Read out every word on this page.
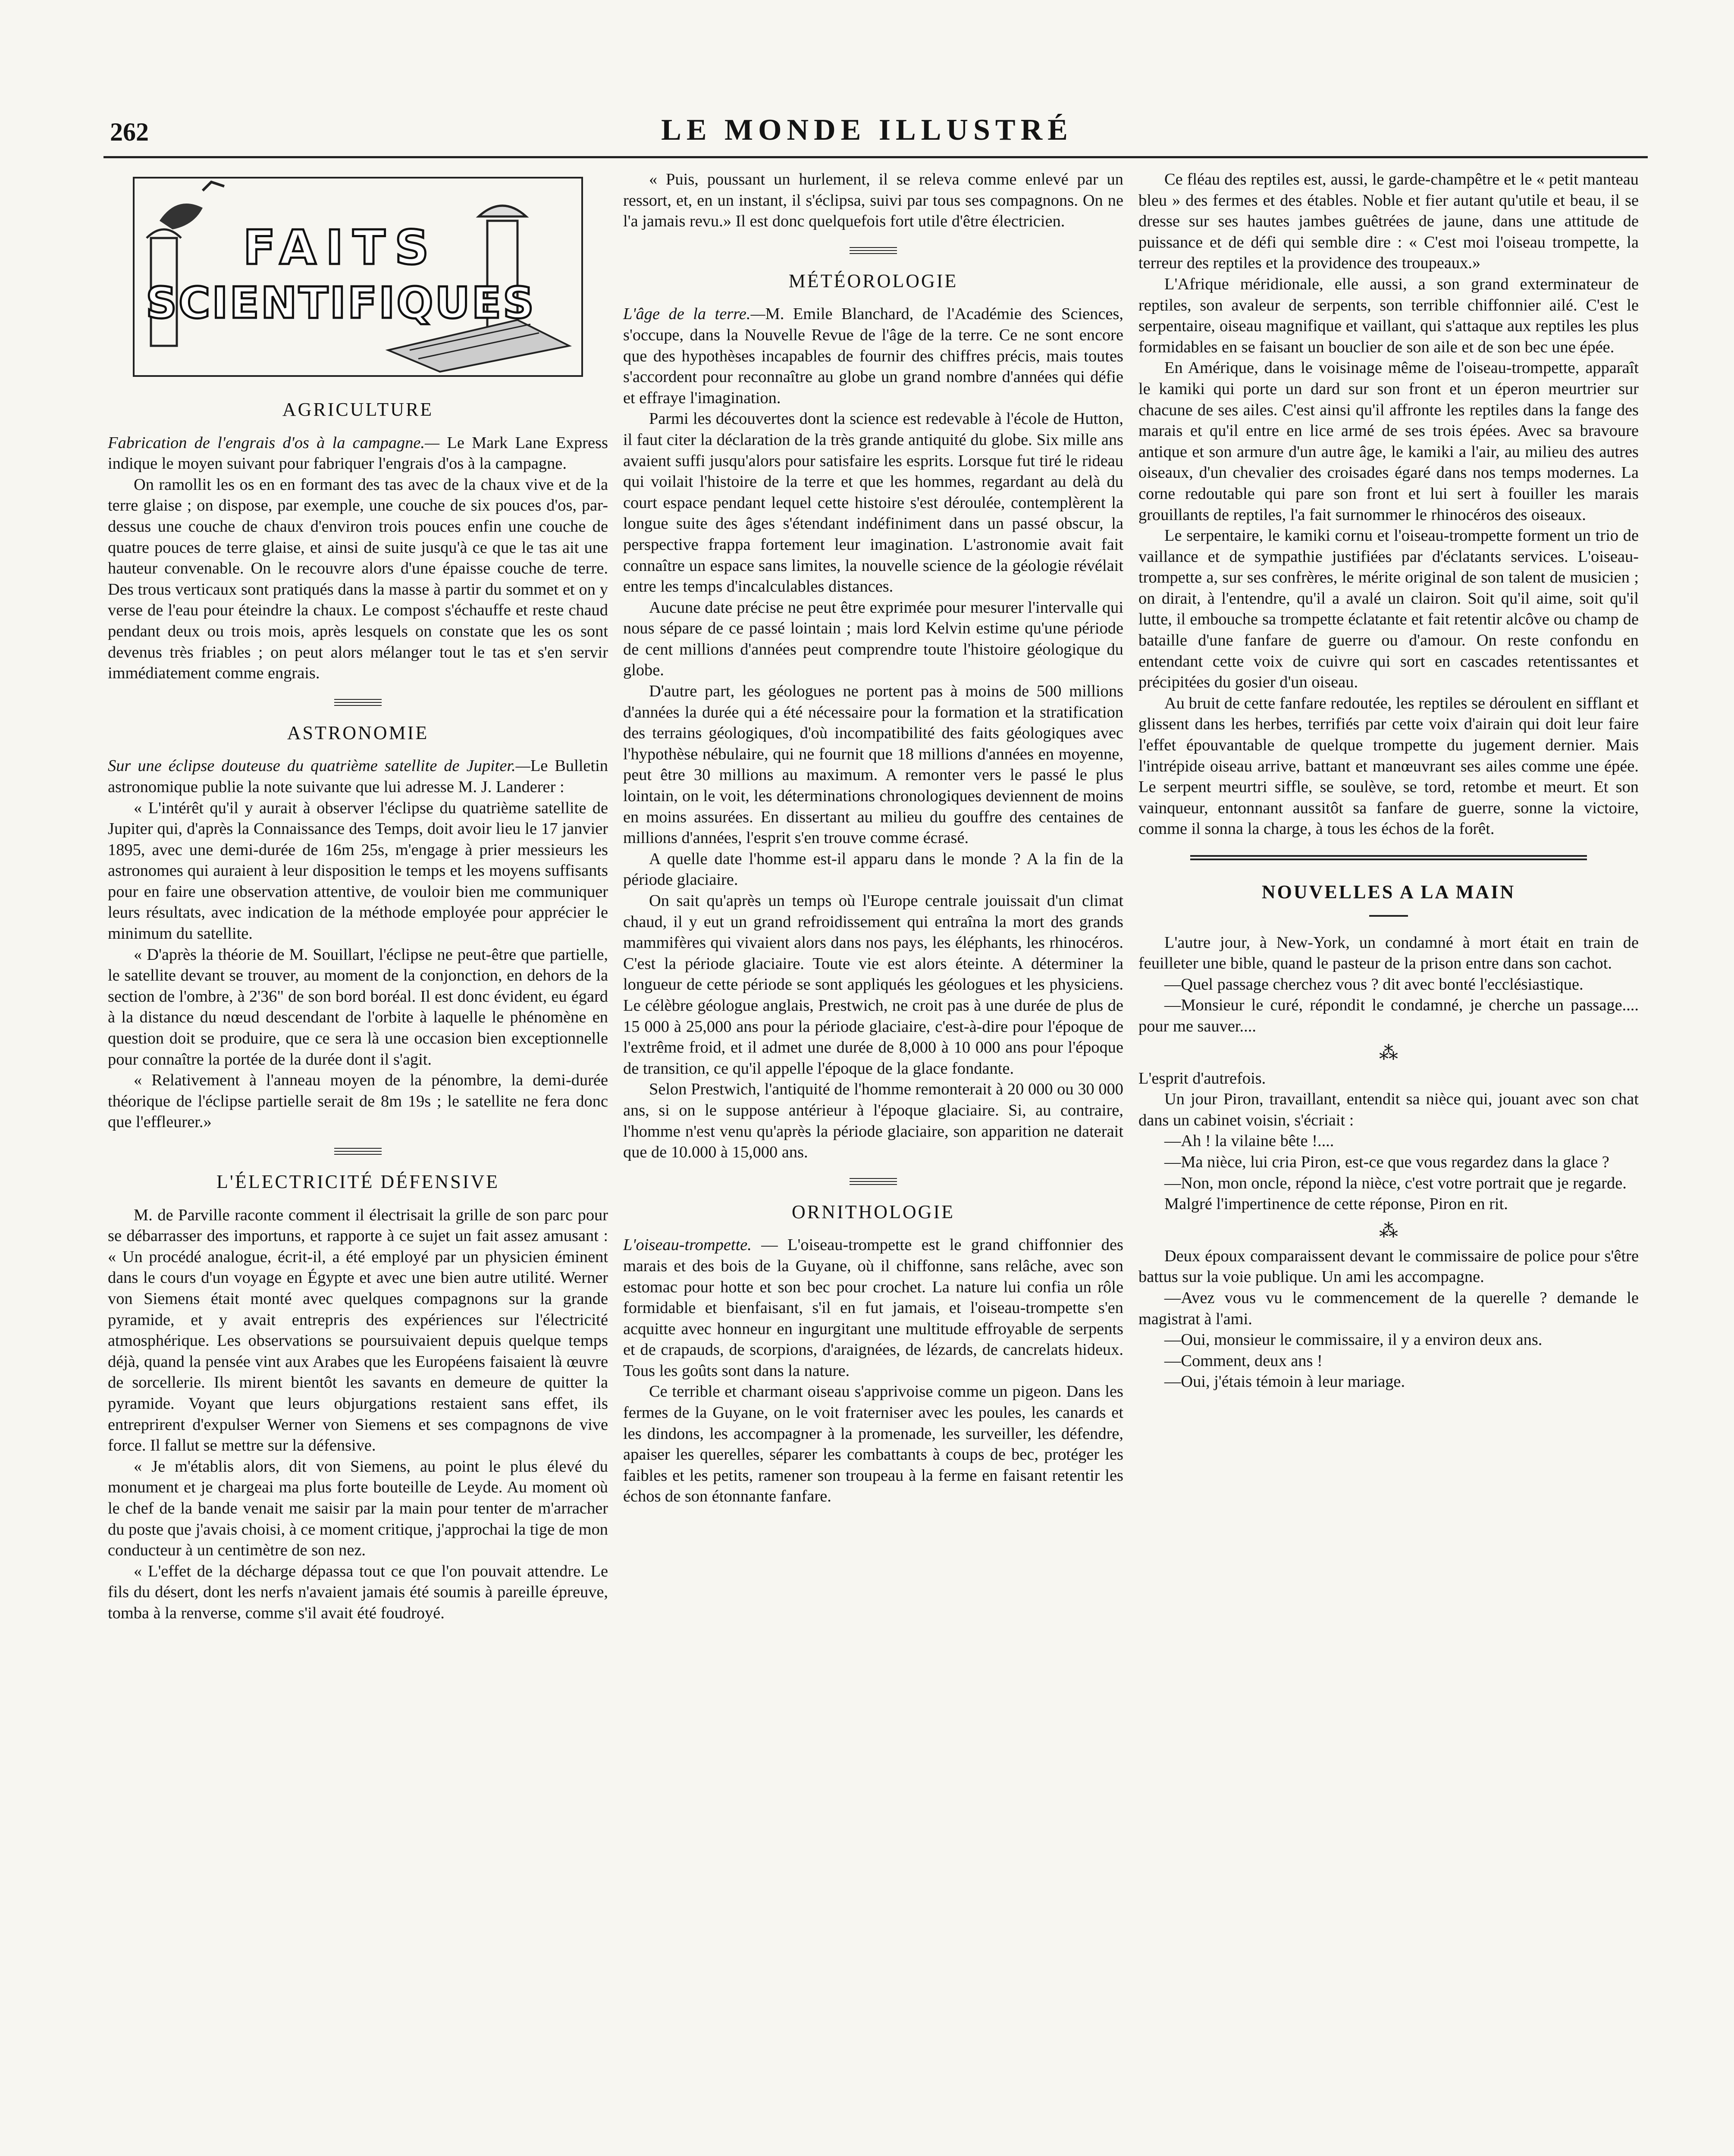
262	LE MONDE ILLUSTRÉ
FAITS
SCIENTIFIQUES
AGRICULTURE

Fabrication de l'engrais d'os à la campagne.— Le Mark Lane Express indique le moyen suivant pour fabriquer l'engrais d'os à la campagne.

On ramollit les os en en formant des tas avec de la chaux vive et de la terre glaise ; on dispose, par exemple, une couche de six pouces d'os, par-dessus une couche de chaux d'environ trois pouces enfin une couche de quatre pouces de terre glaise, et ainsi de suite jusqu'à ce que le tas ait une hauteur convenable. On le recouvre alors d'une épaisse couche de terre. Des trous verticaux sont pratiqués dans la masse à partir du sommet et on y verse de l'eau pour éteindre la chaux. Le compost s'échauffe et reste chaud pendant deux ou trois mois, après lesquels on constate que les os sont devenus très friables ; on peut alors mélanger tout le tas et s'en servir immédiatement comme engrais.

ASTRONOMIE

Sur une éclipse douteuse du quatrième satellite de Jupiter.—Le Bulletin astronomique publie la note suivante que lui adresse M. J. Landerer :

« L'intérêt qu'il y aurait à observer l'éclipse du quatrième satellite de Jupiter qui, d'après la Connaissance des Temps, doit avoir lieu le 17 janvier 1895, avec une demi-durée de 16m 25s, m'engage à prier messieurs les astronomes qui auraient à leur disposition le temps et les moyens suffisants pour en faire une observation attentive, de vouloir bien me communiquer leurs résultats, avec indication de la méthode employée pour apprécier le minimum du satellite.

« D'après la théorie de M. Souillart, l'éclipse ne peut-être que partielle, le satellite devant se trouver, au moment de la conjonction, en dehors de la section de l'ombre, à 2'36" de son bord boréal. Il est donc évident, eu égard à la distance du nœud descendant de l'orbite à laquelle le phénomène en question doit se produire, que ce sera là une occasion bien exceptionnelle pour connaître la portée de la durée dont il s'agit.

« Relativement à l'anneau moyen de la pénombre, la demi-durée théorique de l'éclipse partielle serait de 8m 19s ; le satellite ne fera donc que l'effleurer.»

L'ÉLECTRICITÉ DÉFENSIVE

M. de Parville raconte comment il électrisait la grille de son parc pour se débarrasser des importuns, et rapporte à ce sujet un fait assez amusant : « Un procédé analogue, écrit-il, a été employé par un physicien éminent dans le cours d'un voyage en Égypte et avec une bien autre utilité. Werner von Siemens était monté avec quelques compagnons sur la grande pyramide, et y avait entrepris des expériences sur l'électricité atmosphérique. Les observations se poursuivaient depuis quelque temps déjà, quand la pensée vint aux Arabes que les Européens faisaient là œuvre de sorcellerie. Ils mirent bientôt les savants en demeure de quitter la pyramide. Voyant que leurs objurgations restaient sans effet, ils entreprirent d'expulser Werner von Siemens et ses compagnons de vive force. Il fallut se mettre sur la défensive.

« Je m'établis alors, dit von Siemens, au point le plus élevé du monument et je chargeai ma plus forte bouteille de Leyde. Au moment où le chef de la bande venait me saisir par la main pour tenter de m'arracher du poste que j'avais choisi, à ce moment critique, j'approchai la tige de mon conducteur à un centimètre de son nez.

« L'effet de la décharge dépassa tout ce que l'on pouvait attendre. Le fils du désert, dont les nerfs n'avaient jamais été soumis à pareille épreuve, tomba à la renverse, comme s'il avait été foudroyé.

« Puis, poussant un hurlement, il se releva comme enlevé par un ressort, et, en un instant, il s'éclipsa, suivi par tous ses compagnons. On ne l'a jamais revu.» Il est donc quelquefois fort utile d'être électricien.

MÉTÉOROLOGIE

L'âge de la terre.—M. Emile Blanchard, de l'Académie des Sciences, s'occupe, dans la Nouvelle Revue de l'âge de la terre. Ce ne sont encore que des hypothèses incapables de fournir des chiffres précis, mais toutes s'accordent pour reconnaître au globe un grand nombre d'années qui défie et effraye l'imagination.

Parmi les découvertes dont la science est redevable à l'école de Hutton, il faut citer la déclaration de la très grande antiquité du globe. Six mille ans avaient suffi jusqu'alors pour satisfaire les esprits. Lorsque fut tiré le rideau qui voilait l'histoire de la terre et que les hommes, regardant au delà du court espace pendant lequel cette histoire s'est déroulée, contemplèrent la longue suite des âges s'étendant indéfiniment dans un passé obscur, la perspective frappa fortement leur imagination. L'astronomie avait fait connaître un espace sans limites, la nouvelle science de la géologie révélait entre les temps d'incalculables distances.

Aucune date précise ne peut être exprimée pour mesurer l'intervalle qui nous sépare de ce passé lointain ; mais lord Kelvin estime qu'une période de cent millions d'années peut comprendre toute l'histoire géologique du globe.

D'autre part, les géologues ne portent pas à moins de 500 millions d'années la durée qui a été nécessaire pour la formation et la stratification des terrains géologiques, d'où incompatibilité des faits géologiques avec l'hypothèse nébulaire, qui ne fournit que 18 millions d'années en moyenne, peut être 30 millions au maximum. A remonter vers le passé le plus lointain, on le voit, les déterminations chronologiques deviennent de moins en moins assurées. En dissertant au milieu du gouffre des centaines de millions d'années, l'esprit s'en trouve comme écrasé.

A quelle date l'homme est-il apparu dans le monde ? A la fin de la période glaciaire.

On sait qu'après un temps où l'Europe centrale jouissait d'un climat chaud, il y eut un grand refroidissement qui entraîna la mort des grands mammifères qui vivaient alors dans nos pays, les éléphants, les rhinocéros. C'est la période glaciaire. Toute vie est alors éteinte. A déterminer la longueur de cette période se sont appliqués les géologues et les physiciens. Le célèbre géologue anglais, Prestwich, ne croit pas à une durée de plus de 15 000 à 25,000 ans pour la période glaciaire, c'est-à-dire pour l'époque de l'extrême froid, et il admet une durée de 8,000 à 10 000 ans pour l'époque de transition, ce qu'il appelle l'époque de la glace fondante.

Selon Prestwich, l'antiquité de l'homme remonterait à 20 000 ou 30 000 ans, si on le suppose antérieur à l'époque glaciaire. Si, au contraire, l'homme n'est venu qu'après la période glaciaire, son apparition ne daterait que de 10.000 à 15,000 ans.

ORNITHOLOGIE

L'oiseau-trompette. — L'oiseau-trompette est le grand chiffonnier des marais et des bois de la Guyane, où il chiffonne, sans relâche, avec son estomac pour hotte et son bec pour crochet. La nature lui confia un rôle formidable et bienfaisant, s'il en fut jamais, et l'oiseau-trompette s'en acquitte avec honneur en ingurgitant une multitude effroyable de serpents et de crapauds, de scorpions, d'araignées, de lézards, de cancrelats hideux. Tous les goûts sont dans la nature.

Ce terrible et charmant oiseau s'apprivoise comme un pigeon. Dans les fermes de la Guyane, on le voit fraterniser avec les poules, les canards et les dindons, les accompagner à la promenade, les surveiller, les défendre, apaiser les querelles, séparer les combattants à coups de bec, protéger les faibles et les petits, ramener son troupeau à la ferme en faisant retentir les échos de son étonnante fanfare.

Ce fléau des reptiles est, aussi, le garde-champêtre et le « petit manteau bleu » des fermes et des étables. Noble et fier autant qu'utile et beau, il se dresse sur ses hautes jambes guêtrées de jaune, dans une attitude de puissance et de défi qui semble dire : « C'est moi l'oiseau trompette, la terreur des reptiles et la providence des troupeaux.»

L'Afrique méridionale, elle aussi, a son grand exterminateur de reptiles, son avaleur de serpents, son terrible chiffonnier ailé. C'est le serpentaire, oiseau magnifique et vaillant, qui s'attaque aux reptiles les plus formidables en se faisant un bouclier de son aile et de son bec une épée.

En Amérique, dans le voisinage même de l'oiseau-trompette, apparaît le kamiki qui porte un dard sur son front et un éperon meurtrier sur chacune de ses ailes. C'est ainsi qu'il affronte les reptiles dans la fange des marais et qu'il entre en lice armé de ses trois épées. Avec sa bravoure antique et son armure d'un autre âge, le kamiki a l'air, au milieu des autres oiseaux, d'un chevalier des croisades égaré dans nos temps modernes. La corne redoutable qui pare son front et lui sert à fouiller les marais grouillants de reptiles, l'a fait surnommer le rhinocéros des oiseaux.

Le serpentaire, le kamiki cornu et l'oiseau-trompette forment un trio de vaillance et de sympathie justifiées par d'éclatants services. L'oiseau-trompette a, sur ses confrères, le mérite original de son talent de musicien ; on dirait, à l'entendre, qu'il a avalé un clairon. Soit qu'il aime, soit qu'il lutte, il embouche sa trompette éclatante et fait retentir alcôve ou champ de bataille d'une fanfare de guerre ou d'amour. On reste confondu en entendant cette voix de cuivre qui sort en cascades retentissantes et précipitées du gosier d'un oiseau.

Au bruit de cette fanfare redoutée, les reptiles se déroulent en sifflant et glissent dans les herbes, terrifiés par cette voix d'airain qui doit leur faire l'effet épouvantable de quelque trompette du jugement dernier. Mais l'intrépide oiseau arrive, battant et manœuvrant ses ailes comme une épée. Le serpent meurtri siffle, se soulève, se tord, retombe et meurt. Et son vainqueur, entonnant aussitôt sa fanfare de guerre, sonne la victoire, comme il sonna la charge, à tous les échos de la forêt.

NOUVELLES A LA MAIN

L'autre jour, à New-York, un condamné à mort était en train de feuilleter une bible, quand le pasteur de la prison entre dans son cachot.

—Quel passage cherchez vous ? dit avec bonté l'ecclésiastique.

—Monsieur le curé, répondit le condamné, je cherche un passage.... pour me sauver....

⁂

L'esprit d'autrefois.

Un jour Piron, travaillant, entendit sa nièce qui, jouant avec son chat dans un cabinet voisin, s'écriait :

—Ah ! la vilaine bête !....

—Ma nièce, lui cria Piron, est-ce que vous regardez dans la glace ?

—Non, mon oncle, répond la nièce, c'est votre portrait que je regarde.

Malgré l'impertinence de cette réponse, Piron en rit.

⁂

Deux époux comparaissent devant le commissaire de police pour s'être battus sur la voie publique. Un ami les accompagne.

—Avez vous vu le commencement de la querelle ? demande le magistrat à l'ami.

—Oui, monsieur le commissaire, il y a environ deux ans.

—Comment, deux ans !

—Oui, j'étais témoin à leur mariage.
